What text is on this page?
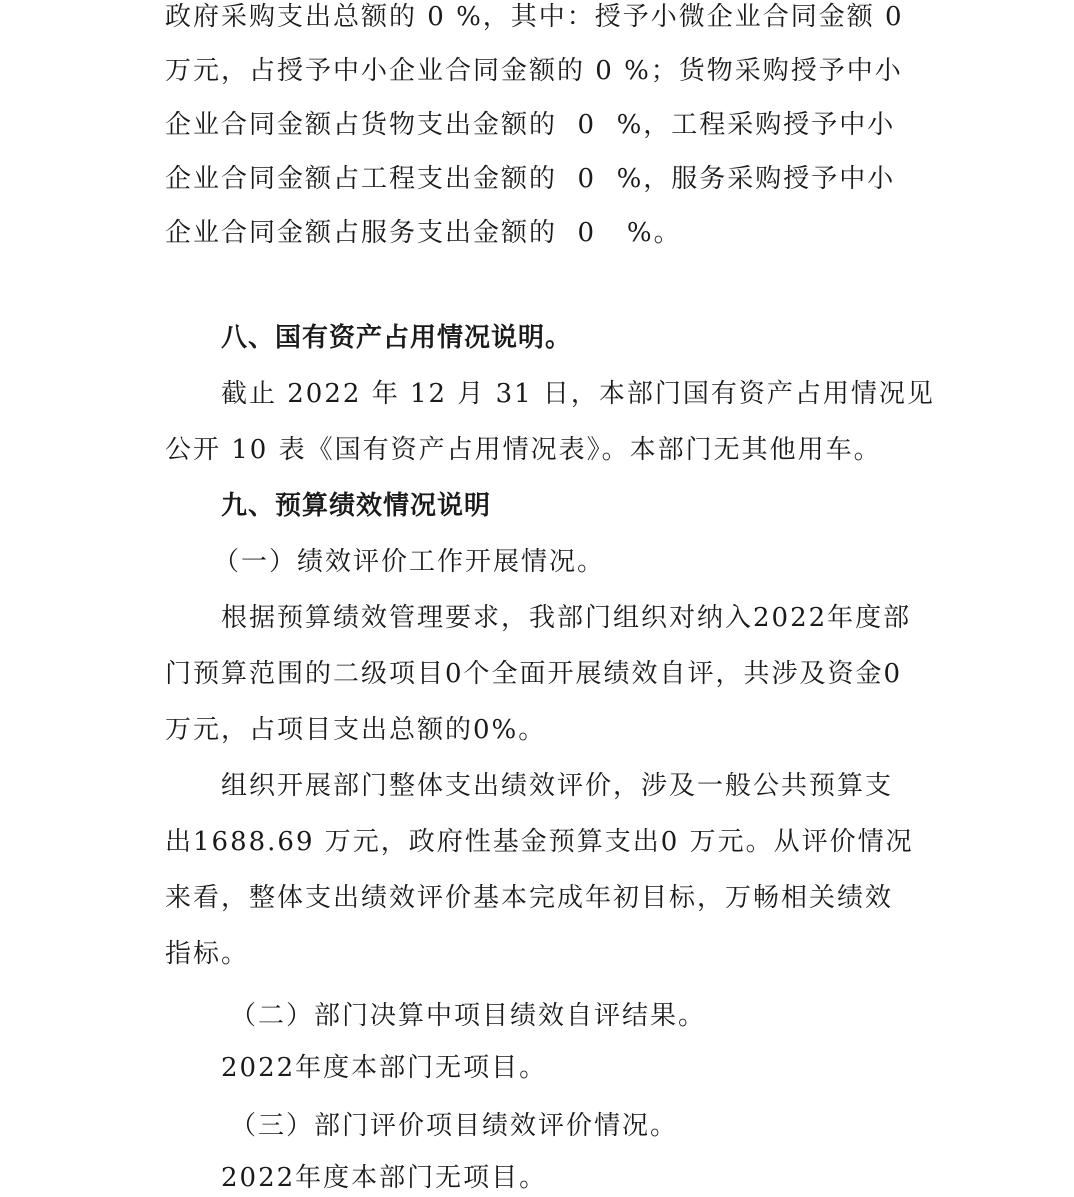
政府采购支出总额的 0 %，其中：授予小微企业合同金额 0
万元，占授予中小企业合同金额的 0 %；货物采购授予中小
企业合同金额占货物支出金额的  0  %，工程采购授予中小
企业合同金额占工程支出金额的  0  %，服务采购授予中小
企业合同金额占服务支出金额的  0   %。
八、国有资产占用情况说明。
截止 2022 年 12 月 31 日，本部门国有资产占用情况见
公开 10 表《国有资产占用情况表》。本部门无其他用车。
九、预算绩效情况说明
（一）绩效评价工作开展情况。
根据预算绩效管理要求，我部门组织对纳入2022年度部
门预算范围的二级项目0个全面开展绩效自评，共涉及资金0
万元，占项目支出总额的0%。
组织开展部门整体支出绩效评价，涉及一般公共预算支
出1688.69 万元，政府性基金预算支出0 万元。从评价情况
来看，整体支出绩效评价基本完成年初目标，万畅相关绩效
指标。
（二）部门决算中项目绩效自评结果。
2022年度本部门无项目。
（三）部门评价项目绩效评价情况。
2022年度本部门无项目。
